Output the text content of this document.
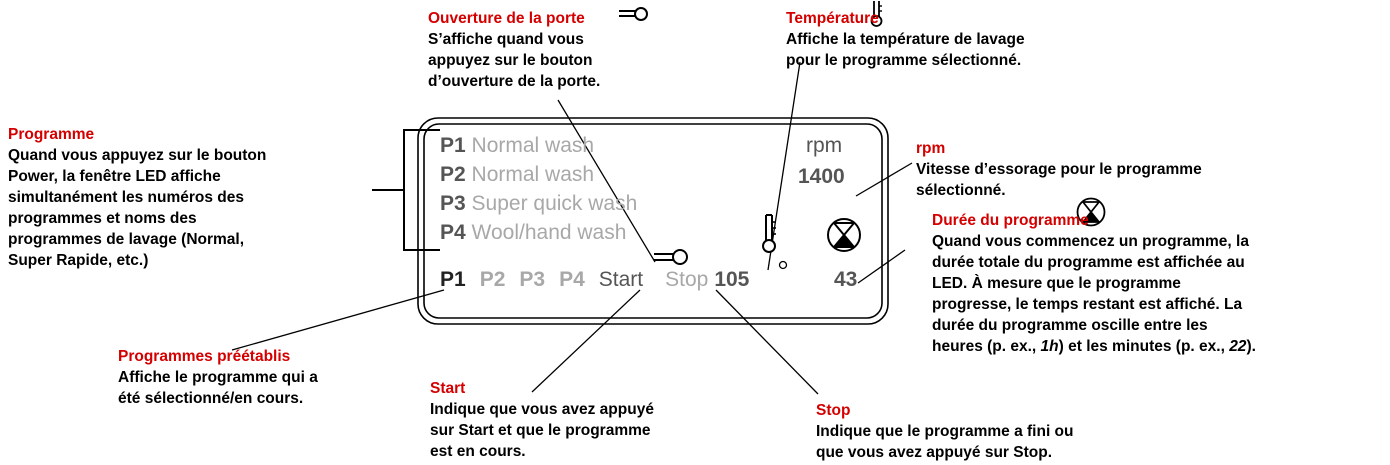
P1 Normal wash
P2 Normal wash
P3 Super quick wash
P4 Wool/hand wash
rpm
1400
P1 P2 P3 P4 Start Stop 105	43
Programme
Quand vous appuyez sur le bouton
Power, la fenêtre LED affiche
simultanément les numéros des
programmes et noms des
programmes de lavage (Normal,
Super Rapide, etc.)
Ouverture de la porte
S’affiche quand vous
appuyez sur le bouton
d’ouverture de la porte.
Température
Affiche la température de lavage
pour le programme sélectionné.
rpm
Vitesse d’essorage pour le programme
sélectionné.
Durée du programme
Quand vous commencez un programme, la
durée totale du programme est affichée au
LED. À mesure que le programme
progresse, le temps restant est affiché. La
durée du programme oscille entre les
heures (p. ex., 1h) et les minutes (p. ex., 22).
Programmes préétablis
Affiche le programme qui a
été sélectionné/en cours.
Start
Indique que vous avez appuyé
sur Start et que le programme
est en cours.
Stop
Indique que le programme a fini ou
que vous avez appuyé sur Stop.
